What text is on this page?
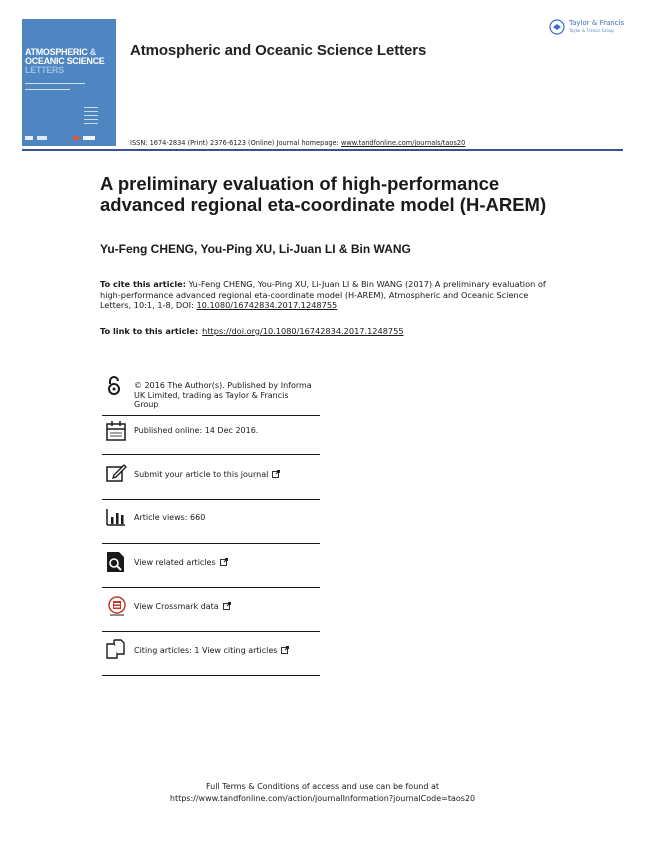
ATMOSPHERIC &
OCEANIC SCIENCE
LETTERS
Atmospheric and Oceanic Science Letters
Taylor & Francis
Taylor & Francis Group
ISSN: 1674-2834 (Print) 2376-6123 (Online) Journal homepage: www.tandfonline.com/journals/taos20
A preliminary evaluation of high-performance advanced regional eta-coordinate model (H-AREM)
Yu-Feng CHENG, You-Ping XU, Li-Juan LI & Bin WANG
To cite this article: Yu-Feng CHENG, You-Ping XU, Li-Juan LI & Bin WANG (2017) A preliminary evaluation of high-performance advanced regional eta-coordinate model (H-AREM), Atmospheric and Oceanic Science Letters, 10:1, 1-8, DOI: 10.1080/16742834.2017.1248755
To link to this article: https://doi.org/10.1080/16742834.2017.1248755
© 2016 The Author(s). Published by Informa
UK Limited, trading as Taylor & Francis
Group
Published online: 14 Dec 2016.
Submit your article to this journal
Article views: 660
View related articles
View Crossmark data
Citing articles: 1 View citing articles
Full Terms & Conditions of access and use can be found at
https://www.tandfonline.com/action/journalInformation?journalCode=taos20
